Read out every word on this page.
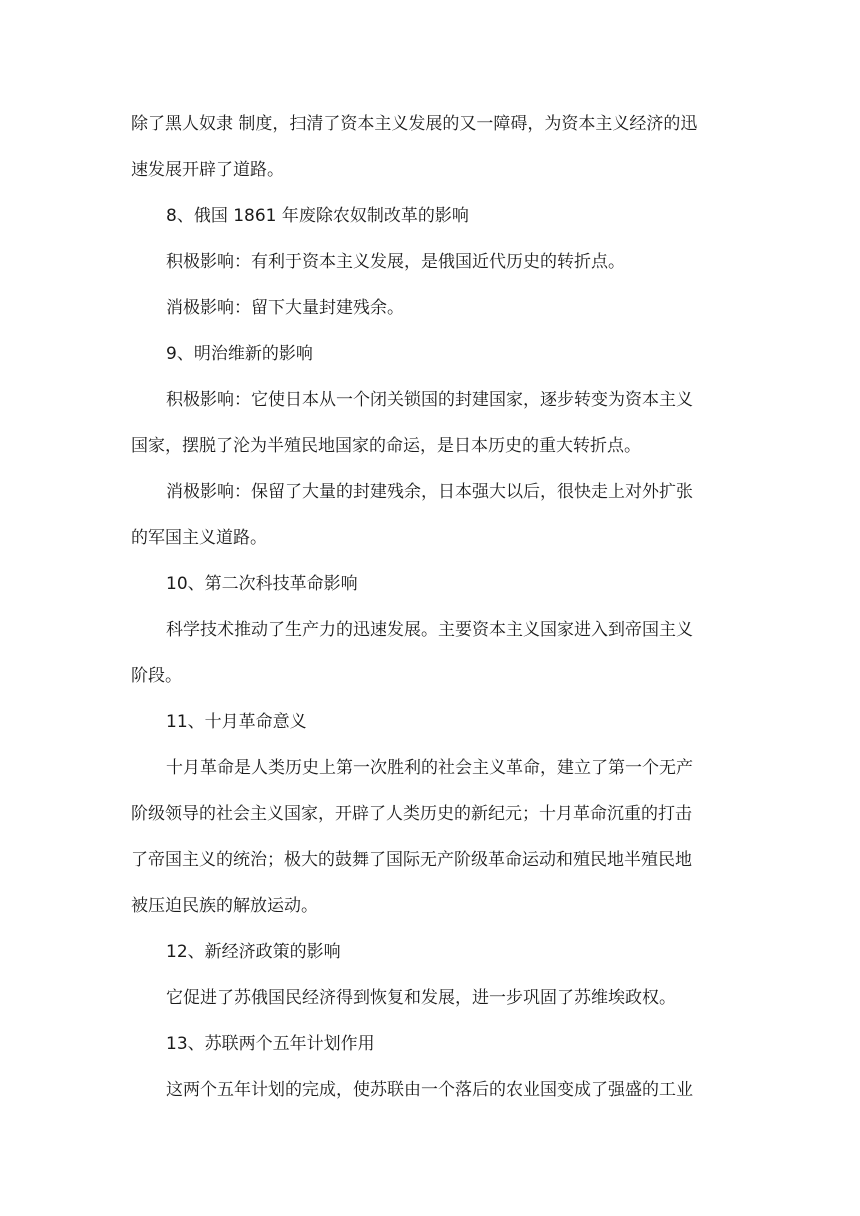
除了黑人奴隶 制度，扫清了资本主义发展的又一障碍，为资本主义经济的迅
速发展开辟了道路。
8、俄国 1861 年废除农奴制改革的影响
积极影响：有利于资本主义发展，是俄国近代历史的转折点。
消极影响：留下大量封建残余。
9、明治维新的影响
积极影响：它使日本从一个闭关锁国的封建国家，逐步转变为资本主义
国家，摆脱了沦为半殖民地国家的命运，是日本历史的重大转折点。
消极影响：保留了大量的封建残余，日本强大以后，很快走上对外扩张
的军国主义道路。
10、第二次科技革命影响
科学技术推动了生产力的迅速发展。主要资本主义国家进入到帝国主义
阶段。
11、十月革命意义
十月革命是人类历史上第一次胜利的社会主义革命，建立了第一个无产
阶级领导的社会主义国家，开辟了人类历史的新纪元；十月革命沉重的打击
了帝国主义的统治；极大的鼓舞了国际无产阶级革命运动和殖民地半殖民地
被压迫民族的解放运动。
12、新经济政策的影响
它促进了苏俄国民经济得到恢复和发展，进一步巩固了苏维埃政权。
13、苏联两个五年计划作用
这两个五年计划的完成，使苏联由一个落后的农业国变成了强盛的工业
